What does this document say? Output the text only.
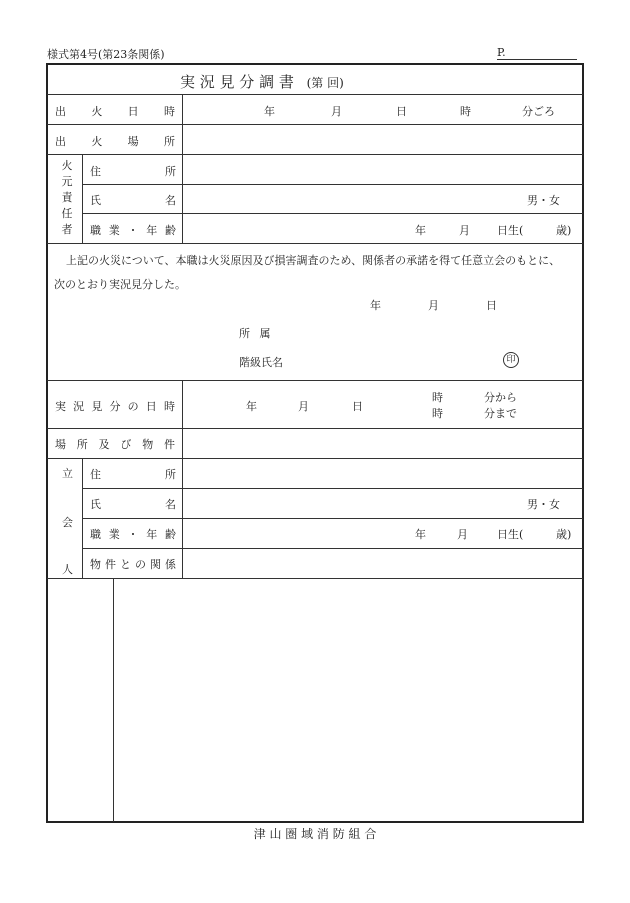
様式第4号(第23条関係)	P.
実 況 見 分 調 書 (第 回)
出 火 日 時	年	月	日	時	分ごろ
出 火 場 所
火
元
責
任
者
住	所
氏	名	男・女
職 業 ・ 年 齢	年	月 日生(	歳)
上記の火災について、本職は火災原因及び損害調査のため、関係者の承諾を得て任意立会のもとに、
次のとおり実況見分した。
年	月	日
所 属
階級氏名	印
実 況 見 分 の 日 時	年	月	日
時	分から
時	分まで
場 所 及 び 物 件
立
会
人
住	所
氏	名	男・女
職 業 ・ 年 齢	年	月	日生(	歳)
物 件 と の 関 係
津 山 圏 域 消 防 組 合
